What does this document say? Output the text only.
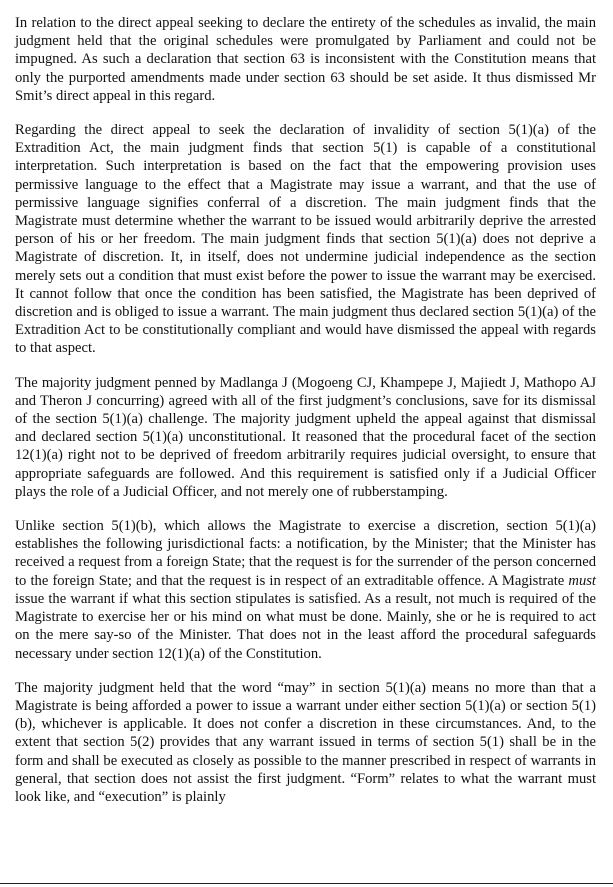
In relation to the direct appeal seeking to declare the entirety of the schedules as invalid, the main judgment held that the original schedules were promulgated by Parliament and could not be impugned. As such a declaration that section 63 is inconsistent with the Constitution means that only the purported amendments made under section 63 should be set aside. It thus dismissed Mr Smit’s direct appeal in this regard.

Regarding the direct appeal to seek the declaration of invalidity of section 5(1)(a) of the Extradition Act, the main judgment finds that section 5(1) is capable of a constitutional interpretation. Such interpretation is based on the fact that the empowering provision uses permissive language to the effect that a Magistrate may issue a warrant, and that the use of permissive language signifies conferral of a discretion. The main judgment finds that the Magistrate must determine whether the warrant to be issued would arbitrarily deprive the arrested person of his or her freedom. The main judgment finds that section 5(1)(a) does not deprive a Magistrate of discretion. It, in itself, does not undermine judicial independence as the section merely sets out a condition that must exist before the power to issue the warrant may be exercised. It cannot follow that once the condition has been satisfied, the Magistrate has been deprived of discretion and is obliged to issue a warrant. The main judgment thus declared section 5(1)(a) of the Extradition Act to be constitutionally compliant and would have dismissed the appeal with regards to that aspect.

The majority judgment penned by Madlanga J (Mogoeng CJ, Khampepe J, Majiedt J, Mathopo AJ and Theron J concurring) agreed with all of the first judgment’s conclusions, save for its dismissal of the section 5(1)(a) challenge. The majority judgment upheld the appeal against that dismissal and declared section 5(1)(a) unconstitutional. It reasoned that the procedural facet of the section 12(1)(a) right not to be deprived of freedom arbitrarily requires judicial oversight, to ensure that appropriate safeguards are followed. And this requirement is satisfied only if a Judicial Officer plays the role of a Judicial Officer, and not merely one of rubberstamping.

Unlike section 5(1)(b), which allows the Magistrate to exercise a discretion, section 5(1)(a) establishes the following jurisdictional facts: a notification, by the Minister; that the Minister has received a request from a foreign State; that the request is for the surrender of the person concerned to the foreign State; and that the request is in respect of an extraditable offence. A Magistrate must issue the warrant if what this section stipulates is satisfied. As a result, not much is required of the Magistrate to exercise her or his mind on what must be done. Mainly, she or he is required to act on the mere say-so of the Minister. That does not in the least afford the procedural safeguards necessary under section 12(1)(a) of the Constitution.

The majority judgment held that the word “may” in section 5(1)(a) means no more than that a Magistrate is being afforded a power to issue a warrant under either section 5(1)(a) or section 5(1)(b), whichever is applicable. It does not confer a discretion in these circumstances. And, to the extent that section 5(2) provides that any warrant issued in terms of section 5(1) shall be in the form and shall be executed as closely as possible to the manner prescribed in respect of warrants in general, that section does not assist the first judgment. “Form” relates to what the warrant must look like, and “execution” is plainly
